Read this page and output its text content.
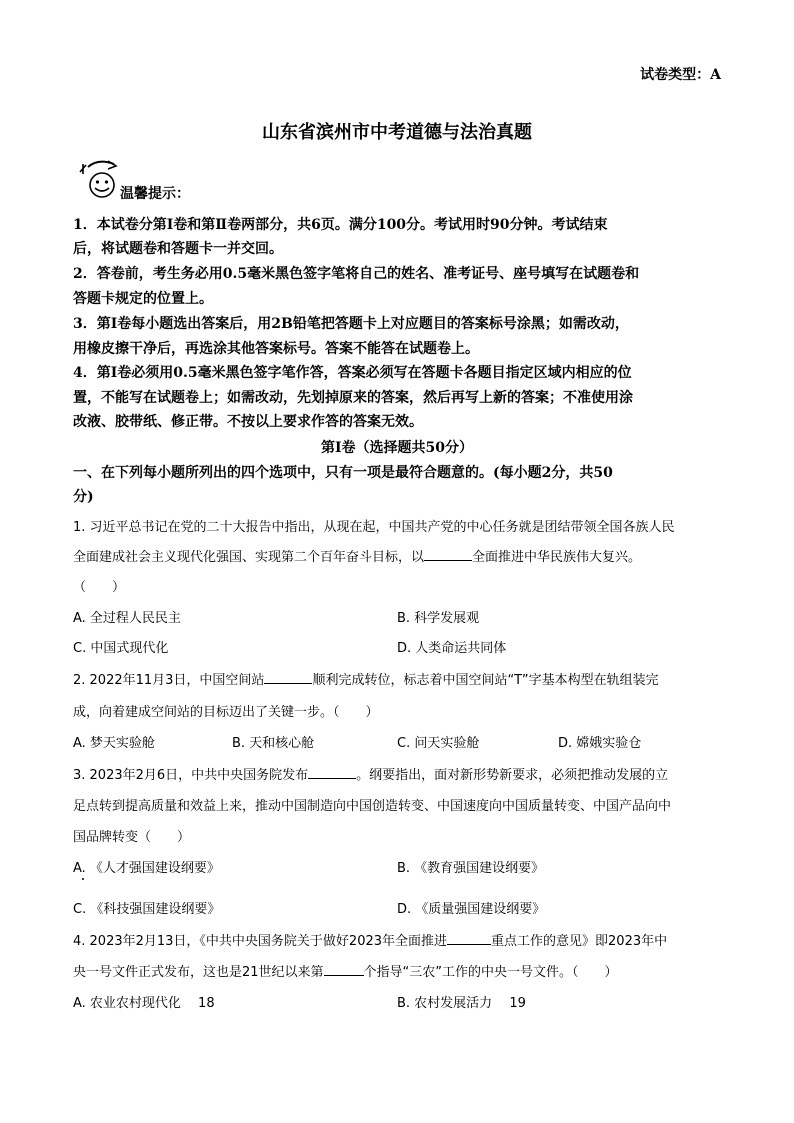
试卷类型：A
山东省滨州市中考道德与法治真题
温馨提示：
1．本试卷分第Ⅰ卷和第Ⅱ卷两部分，共6页。满分100分。考试用时90分钟。考试结束
后，将试题卷和答题卡一并交回。
2．答卷前，考生务必用0.5毫米黑色签字笔将自己的姓名、准考证号、座号填写在试题卷和
答题卡规定的位置上。
3．第Ⅰ卷每小题选出答案后，用2B铅笔把答题卡上对应题目的答案标号涂黑；如需改动，
用橡皮擦干净后，再选涂其他答案标号。答案不能答在试题卷上。
4．第Ⅰ卷必须用0.5毫米黑色签字笔作答，答案必须写在答题卡各题目指定区域内相应的位
置，不能写在试题卷上；如需改动，先划掉原来的答案，然后再写上新的答案；不准使用涂
改液、胶带纸、修正带。不按以上要求作答的答案无效。
第Ⅰ卷（选择题共50分）
一、在下列每小题所列出的四个选项中，只有一项是最符合题意的。(每小题2分，共50
分)
1. 习近平总书记在党的二十大报告中指出，从现在起，中国共产党的中心任务就是团结带领全国各族人民
全面建成社会主义现代化强国、实现第二个百年奋斗目标，以	全面推进中华民族伟大复兴。
（　　）
A. 全过程人民民主	B. 科学发展观
C. 中国式现代化	D. 人类命运共同体
2. 2022年11月3日，中国空间站	顺利完成转位，标志着中国空间站“T”字基本构型在轨组装完
成，向着建成空间站的目标迈出了关键一步。（　　）
A. 梦天实验舱	B. 天和核心舱	C. 问天实验舱	D. 嫦娥实验仓
3. 2023年2月6日，中共中央国务院发布	。纲要指出，面对新形势新要求，必须把推动发展的立
足点转到提高质量和效益上来，推动中国制造向中国创造转变、中国速度向中国质量转变、中国产品向中
国品牌转变（　　）
A. 《人才强国建设纲要》	B. 《教育强国建设纲要》
C. 《科技强国建设纲要》	D. 《质量强国建设纲要》
4. 2023年2月13日，《中共中央国务院关于做好2023年全面推进	重点工作的意见》即2023年中
央一号文件正式发布，这也是21世纪以来第	个指导“三农”工作的中央一号文件。（　　）
A. 农业农村现代化　 18	B. 农村发展活力　 19
